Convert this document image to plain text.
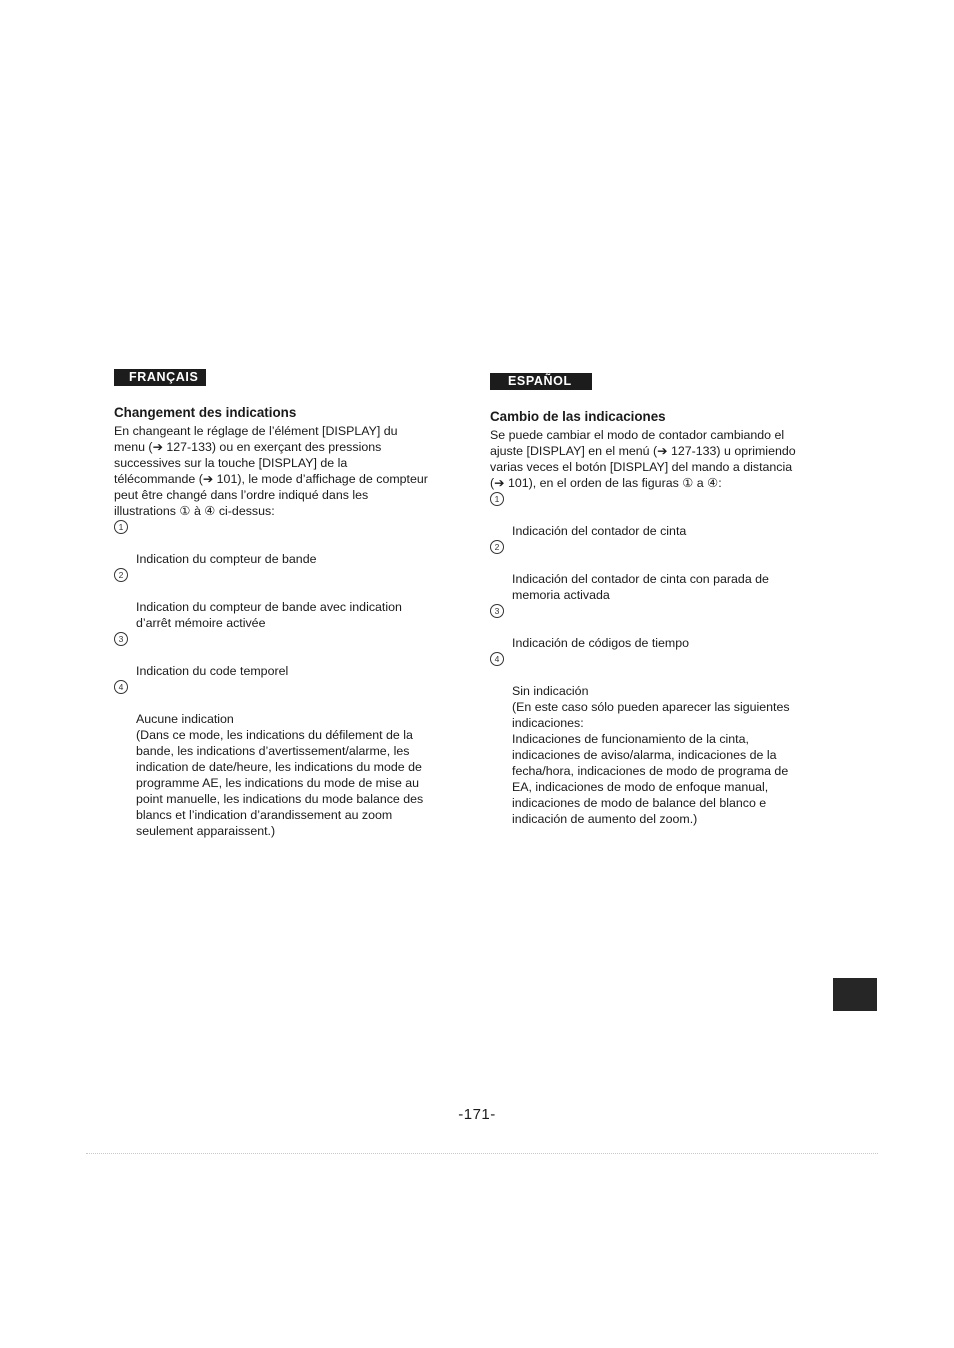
FRANÇAIS
Changement des indications

En changeant le réglage de l’élément [DISPLAY] du
menu (➔ 127-133) ou en exerçant des pressions
successives sur la touche [DISPLAY] de la
télécommande (➔ 101), le mode d’affichage de compteur
peut être changé dans l’ordre indiqué dans les
illustrations ① à ④ ci-dessus:

1

Indication du compteur de bande

2

Indication du compteur de bande avec indication
d’arrêt mémoire activée

3

Indication du code temporel

4

Aucune indication
(Dans ce mode, les indications du défilement de la
bande, les indications d’avertissement/alarme, les
indication de date/heure, les indications du mode de
programme AE, les indications du mode de mise au
point manuelle, les indications du mode balance des
blancs et l’indication d’arandissement au zoom
seulement apparaissent.)

ESPAÑOL
Cambio de las indicaciones

Se puede cambiar el modo de contador cambiando el
ajuste [DISPLAY] en el menú (➔ 127-133) u oprimiendo
varias veces el botón [DISPLAY] del mando a distancia
(➔ 101), en el orden de las figuras ① a ④:

1

Indicación del contador de cinta

2

Indicación del contador de cinta con parada de
memoria activada

3

Indicación de códigos de tiempo

4

Sin indicación
(En este caso sólo pueden aparecer las siguientes
indicaciones:
Indicaciones de funcionamiento de la cinta,
indicaciones de aviso/alarma, indicaciones de la
fecha/hora, indicaciones de modo de programa de
EA, indicaciones de modo de enfoque manual,
indicaciones de modo de balance del blanco e
indicación de aumento del zoom.)

-171-
